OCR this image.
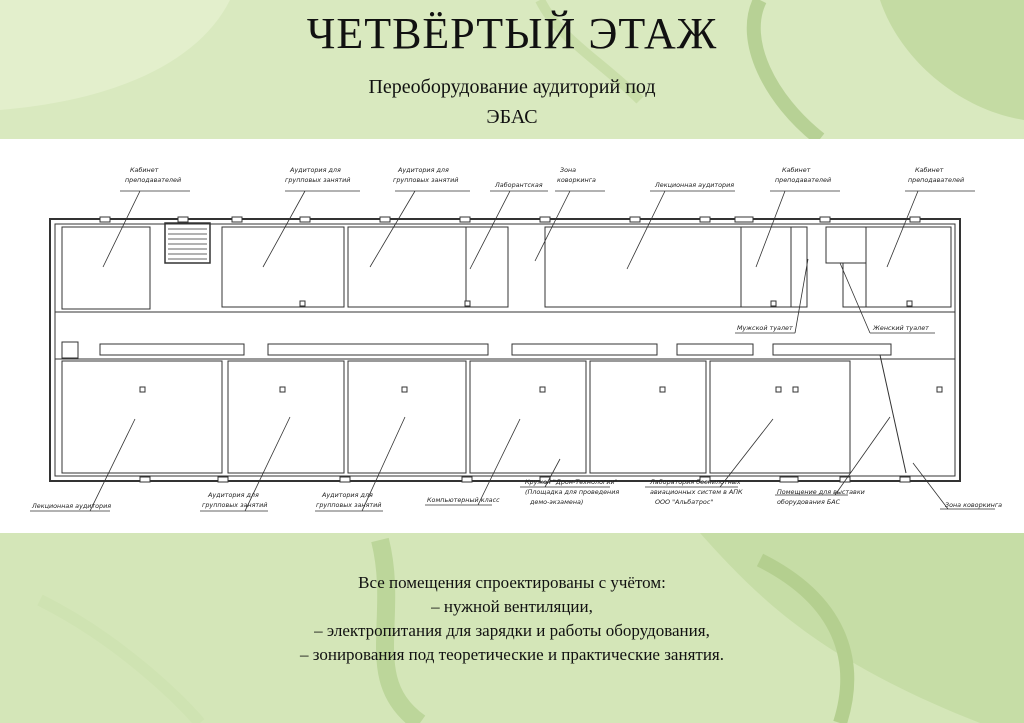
ЧЕТВЁРТЫЙ ЭТАЖ
Переоборудование аудиторий под
ЭБАС
Кабинет
преподавателей
Аудитория для
групповых занятий
Аудитория для
групповых занятий
Лаборантская
Зона
коворкинга
Лекционная аудитория
Кабинет
преподавателей
Кабинет
преподавателей
Мужской туалет	Женский туалет
Лекционная аудитория
Аудитория для
групповых занятий
Аудитория для
групповых занятий
Компьютерный класс
Кружок "Дрон-Технологии"
(Площадка для проведения
демо-экзамена)
Лаборатория беспилотных
авиационных систем в АПК
ООО "Альбатрос"
Помещение для выставки
оборудования БАС	Зона коворкинга
Все помещения спроектированы с учётом:
– нужной вентиляции,
– электропитания для зарядки и работы оборудования,
– зонирования под теоретические и практические занятия.
